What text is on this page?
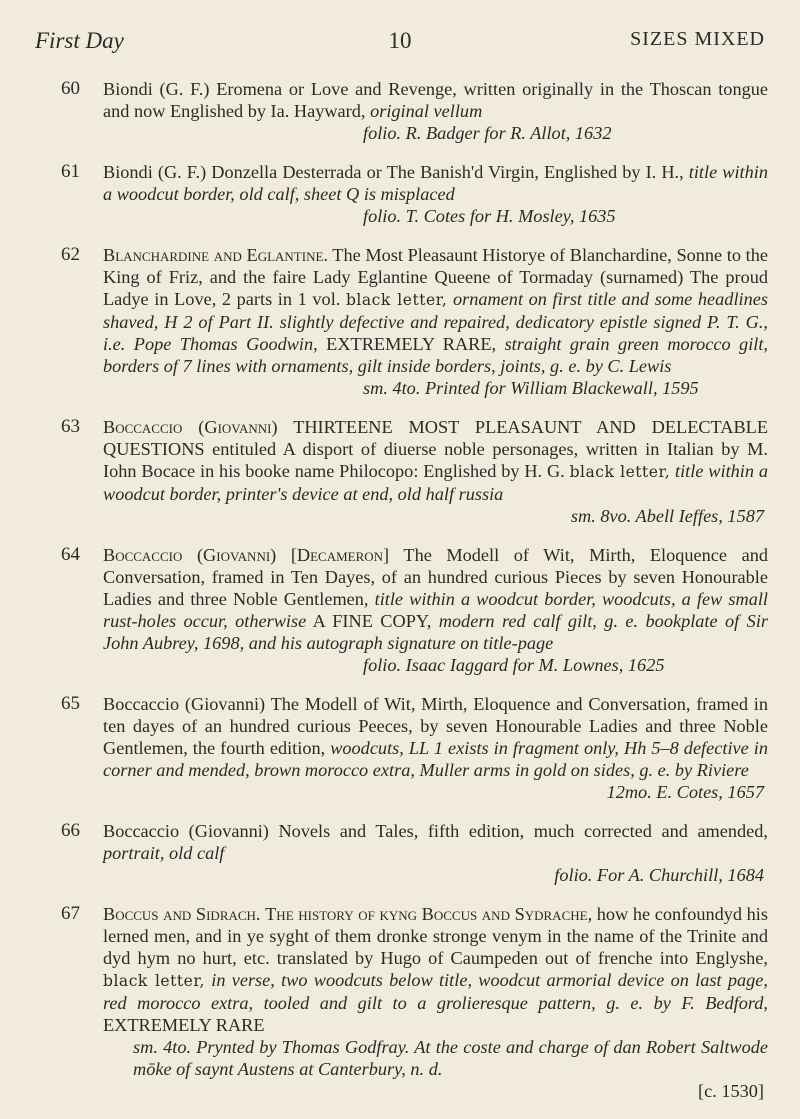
First Day	10	SIZES MIXED
60 Biondi (G. F.) Eromena or Love and Revenge, written originally in the Thoscan tongue and now Englished by Ia. Hayward, original vellum
folio. R. Badger for R. Allot, 1632
61 Biondi (G. F.) Donzella Desterrada or The Banish'd Virgin, Englished by I. H., title within a woodcut border, old calf, sheet Q is misplaced
folio. T. Cotes for H. Mosley, 1635
62 Blanchardine and Eglantine. The Most Pleasaunt Historye of Blanchardine, Sonne to the King of Friz, and the faire Lady Eglantine Queene of Tormaday (surnamed) The proud Ladye in Love, 2 parts in 1 vol. black letter, ornament on first title and some headlines shaved, H 2 of Part II. slightly defective and repaired, dedicatory epistle signed P. T. G., i.e. Pope Thomas Goodwin, EXTREMELY RARE, straight grain green morocco gilt, borders of 7 lines with ornaments, gilt inside borders, joints, g. e. by C. Lewis
sm. 4to. Printed for William Blackewall, 1595
63 Boccaccio (Giovanni) THIRTEENE MOST PLEASAUNT AND DELECTABLE QUESTIONS entituled A disport of diuerse noble personages, written in Italian by M. Iohn Bocace in his booke name Philocopo: Englished by H. G. black letter, title within a woodcut border, printer's device at end, old half russia
sm. 8vo. Abell Ieffes, 1587
64 Boccaccio (Giovanni) [Decameron] The Modell of Wit, Mirth, Eloquence and Conversation, framed in Ten Dayes, of an hundred curious Pieces by seven Honourable Ladies and three Noble Gentlemen, title within a woodcut border, woodcuts, a few small rust-holes occur, otherwise A FINE COPY, modern red calf gilt, g. e. bookplate of Sir John Aubrey, 1698, and his autograph signature on title-page
folio. Isaac Iaggard for M. Lownes, 1625
65 Boccaccio (Giovanni) The Modell of Wit, Mirth, Eloquence and Conversation, framed in ten dayes of an hundred curious Peeces, by seven Honourable Ladies and three Noble Gentlemen, the fourth edition, woodcuts, LL 1 exists in fragment only, Hh 5–8 defective in corner and mended, brown morocco extra, Muller arms in gold on sides, g. e. by Riviere
12mo. E. Cotes, 1657
66 Boccaccio (Giovanni) Novels and Tales, fifth edition, much corrected and amended, portrait, old calf
folio. For A. Churchill, 1684
67 Boccus and Sidrach. The history of kyng Boccus and Sydrache, how he confoundyd his lerned men, and in ye syght of them dronke stronge venym in the name of the Trinite and dyd hym no hurt, etc. translated by Hugo of Caumpeden out of frenche into Englyshe, black letter, in verse, two woodcuts below title, woodcut armorial device on last page, red morocco extra, tooled and gilt to a grolieresque pattern, g. e. by F. Bedford, EXTREMELY RARE
sm. 4to. Prynted by Thomas Godfray. At the coste and charge of dan Robert Saltwode mōke of saynt Austens at Canterbury, n. d.
[c. 1530]
